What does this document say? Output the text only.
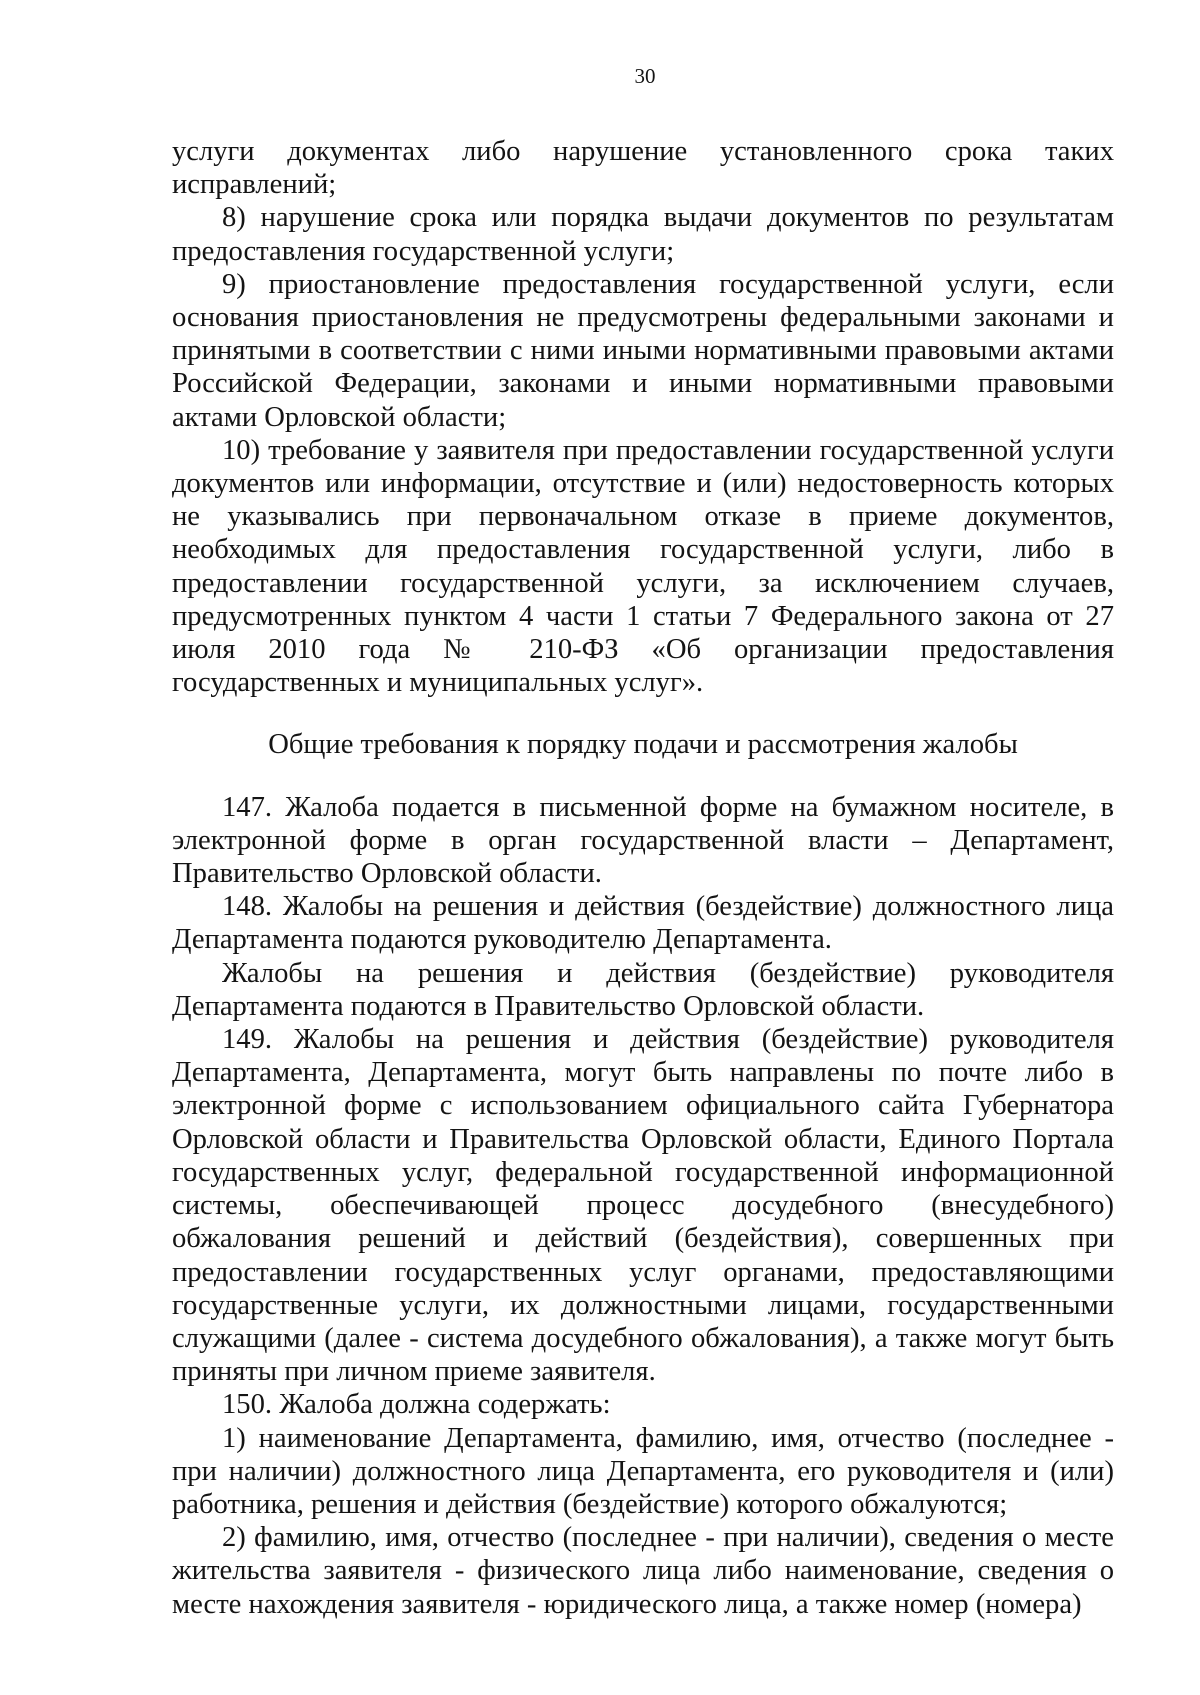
30

услуги документах либо нарушение установленного срока таких исправлений;

8) нарушение срока или порядка выдачи документов по результатам предоставления государственной услуги;

9) приостановление предоставления государственной услуги, если основания приостановления не предусмотрены федеральными законами и принятыми в соответствии с ними иными нормативными правовыми актами Российской Федерации, законами и иными нормативными правовыми актами Орловской области;

10) требование у заявителя при предоставлении государственной услуги документов или информации, отсутствие и (или) недостоверность которых не указывались при первоначальном отказе в приеме документов, необходимых для предоставления государственной услуги, либо в предоставлении государственной услуги, за исключением случаев, предусмотренных пунктом 4 части 1 статьи 7 Федерального закона от 27 июля 2010 года № 210-ФЗ «Об организации предоставления государственных и муниципальных услуг».

Общие требования к порядку подачи и рассмотрения жалобы

147. Жалоба подается в письменной форме на бумажном носителе, в электронной форме в орган государственной власти – Департамент, Правительство Орловской области.

148. Жалобы на решения и действия (бездействие) должностного лица Департамента подаются руководителю Департамента.

Жалобы на решения и действия (бездействие) руководителя Департамента подаются в Правительство Орловской области.

149. Жалобы на решения и действия (бездействие) руководителя Департамента, Департамента, могут быть направлены по почте либо в электронной форме с использованием официального сайта Губернатора Орловской области и Правительства Орловской области, Единого Портала государственных услуг, федеральной государственной информационной системы, обеспечивающей процесс досудебного (внесудебного) обжалования решений и действий (бездействия), совершенных при предоставлении государственных услуг органами, предоставляющими государственные услуги, их должностными лицами, государственными служащими (далее - система досудебного обжалования), а также могут быть приняты при личном приеме заявителя.

150. Жалоба должна содержать:

1) наименование Департамента, фамилию, имя, отчество (последнее - при наличии) должностного лица Департамента, его руководителя и (или) работника, решения и действия (бездействие) которого обжалуются;

2) фамилию, имя, отчество (последнее - при наличии), сведения о месте жительства заявителя - физического лица либо наименование, сведения о месте нахождения заявителя - юридического лица, а также номер (номера)
